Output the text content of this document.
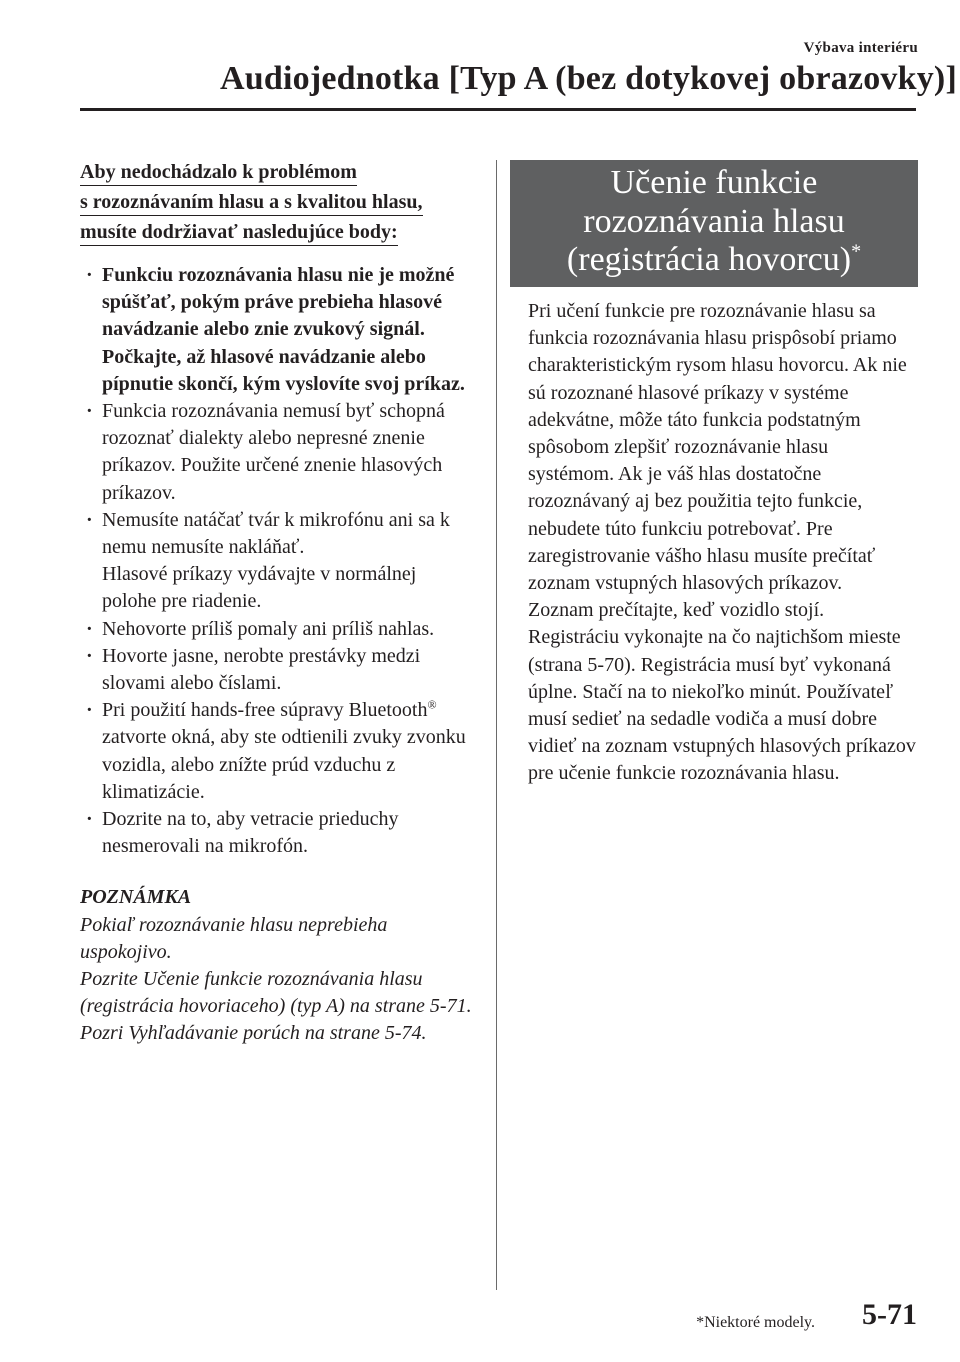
Výbava interiéru
Audiojednotka [Typ A (bez dotykovej obrazovky)]
Aby nedochádzalo k problémom
s rozoznávaním hlasu a s kvalitou hlasu,
musíte dodržiavať nasledujúce body:
· Funkciu rozoznávania hlasu nie je možné spúšťať, pokým práve prebieha hlasové navádzanie alebo znie zvukový signál. Počkajte, až hlasové navádzanie alebo pípnutie skončí, kým vyslovíte svoj príkaz.
· Funkcia rozoznávania nemusí byť schopná rozoznať dialekty alebo nepresné znenie príkazov. Použite určené znenie hlasových príkazov.
· Nemusíte natáčať tvár k mikrofónu ani sa k nemu nemusíte nakláňať.
Hlasové príkazy vydávajte v normálnej polohe pre riadenie.
· Nehovorte príliš pomaly ani príliš nahlas.
· Hovorte jasne, nerobte prestávky medzi slovami alebo číslami.
· Pri použití hands-free súpravy Bluetooth® zatvorte okná, aby ste odtienili zvuky zvonku vozidla, alebo znížte prúd vzduchu z klimatizácie.
· Dozrite na to, aby vetracie prieduchy nesmerovali na mikrofón.
POZNÁMKA
Pokiaľ rozoznávanie hlasu neprebieha uspokojivo.
Pozrite Učenie funkcie rozoznávania hlasu (registrácia hovoriaceho) (typ A) na strane 5-71.
Pozri Vyhľadávanie porúch na strane 5-74.
Učenie funkcie
rozoznávania hlasu
(registrácia hovorcu)*
Pri učení funkcie pre rozoznávanie hlasu sa funkcia rozoznávania hlasu prispôsobí priamo charakteristickým rysom hlasu hovorcu. Ak nie sú rozoznané hlasové príkazy v systéme adekvátne, môže táto funkcia podstatným spôsobom zlepšiť rozoznávanie hlasu systémom. Ak je váš hlas dostatočne rozoznávaný aj bez použitia tejto funkcie, nebudete túto funkciu potrebovať. Pre zaregistrovanie vášho hlasu musíte prečítať zoznam vstupných hlasových príkazov.
Zoznam prečítajte, keď vozidlo stojí. Registráciu vykonajte na čo najtichšom mieste (strana 5-70). Registrácia musí byť vykonaná úplne. Stačí na to niekoľko minút. Používateľ musí sedieť na sedadle vodiča a musí dobre vidieť na zoznam vstupných hlasových príkazov pre učenie funkcie rozoznávania hlasu.
*Niektoré modely. 5-71
